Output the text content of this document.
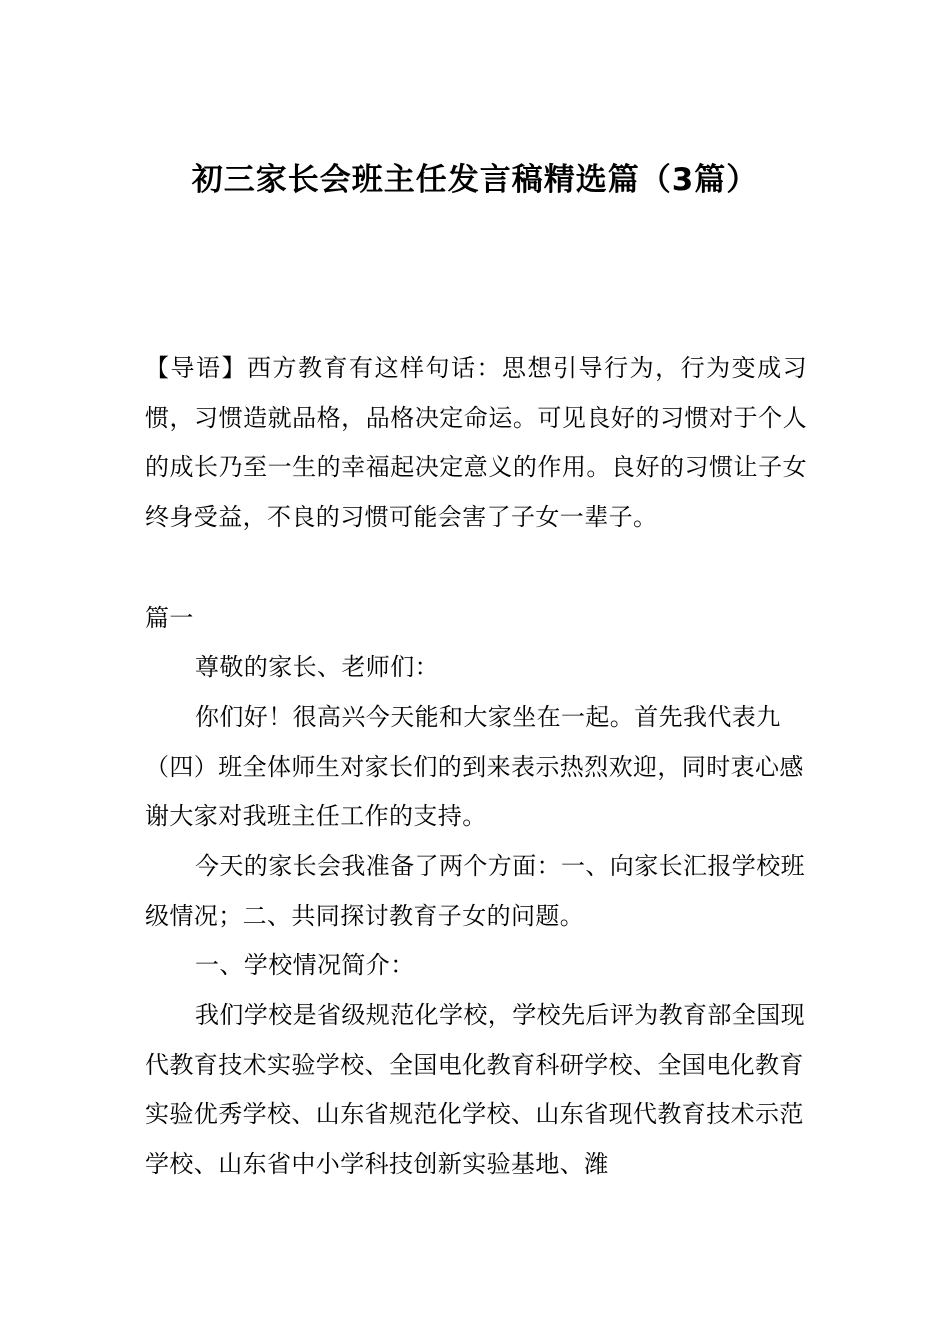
初三家长会班主任发言稿精选篇（3篇）

【导语】西方教育有这样句话：思想引导行为，行为变成习惯，习惯造就品格，品格决定命运。可见良好的习惯对于个人的成长乃至一生的幸福起决定意义的作用。良好的习惯让子女终身受益，不良的习惯可能会害了子女一辈子。

篇一

尊敬的家长、老师们：

你们好！很高兴今天能和大家坐在一起。首先我代表九（四）班全体师生对家长们的到来表示热烈欢迎，同时衷心感谢大家对我班主任工作的支持。

今天的家长会我准备了两个方面：一、向家长汇报学校班级情况；二、共同探讨教育子女的问题。

一、学校情况简介：

我们学校是省级规范化学校，学校先后评为教育部全国现代教育技术实验学校、全国电化教育科研学校、全国电化教育实验优秀学校、山东省规范化学校、山东省现代教育技术示范学校、山东省中小学科技创新实验基地、潍
